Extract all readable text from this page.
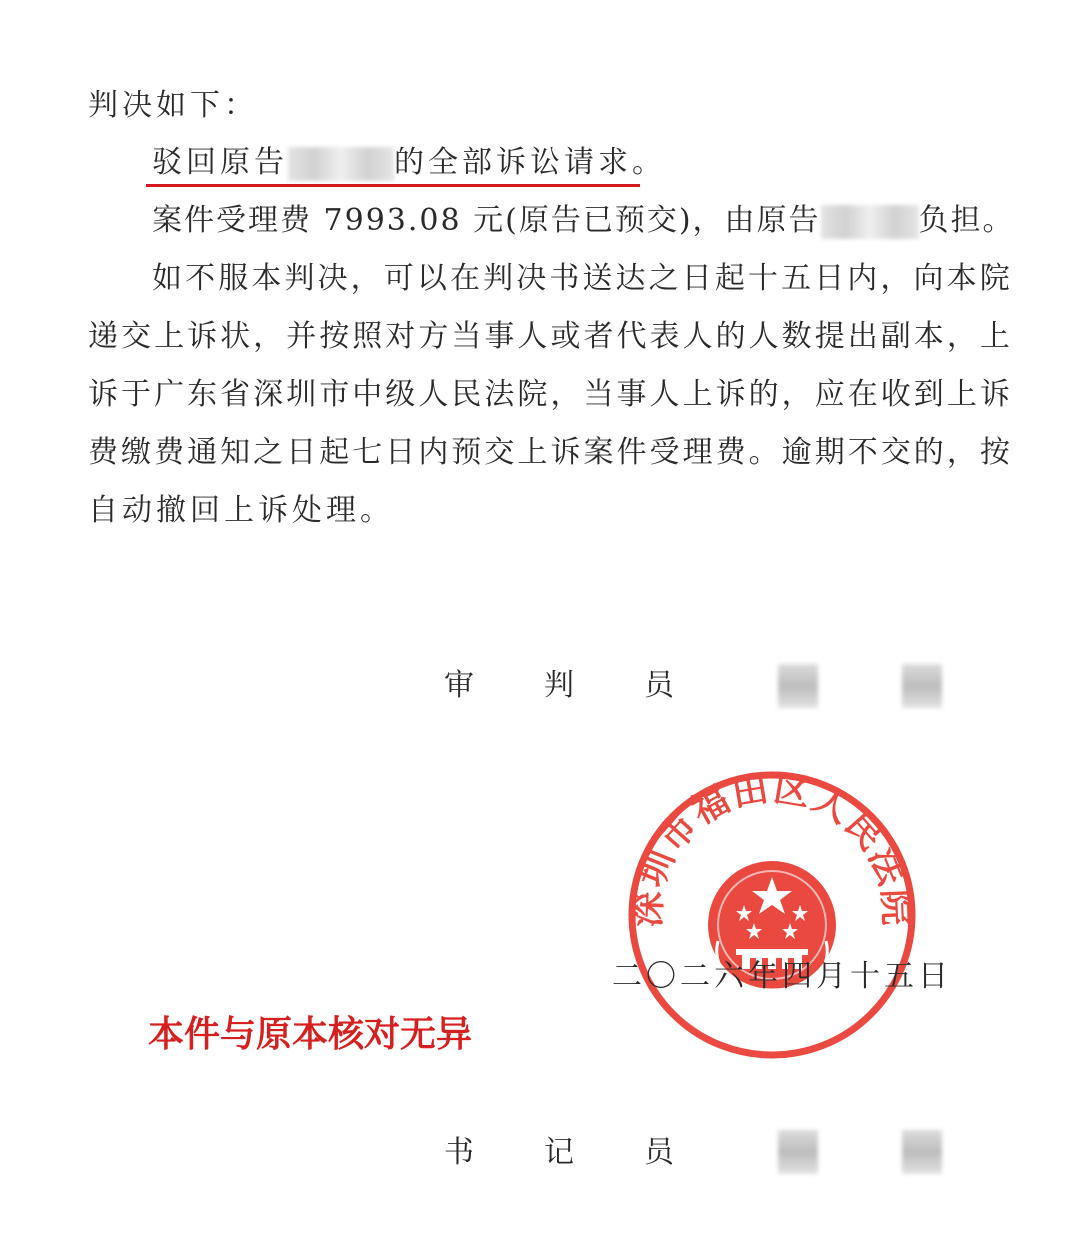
判决如下：
驳回原告	的全部诉讼请求。
案件受理费 7993.08 元(原告已预交)，由原告	负担。
如 不 服 本 判 决 ， 可 以 在 判 决 书 送 达 之 日 起 十 五 日 内 ， 向 本 院
递 交 上 诉 状 ， 并 按 照 对 方 当 事 人 或 者 代 表 人 的 人 数 提 出 副 本 ， 上
诉 于 广 东 省 深 圳 市 中 级 人 民 法 院 ， 当 事 人 上 诉 的 ， 应 在 收 到 上 诉
费 缴 费 通 知 之 日 起 七 日 内 预 交 上 诉 案 件 受 理 费 。 逾 期 不 交 的 ， 按
自动撤回上诉处理。
审 判 员
深圳市福田区人民法院
二〇二六年四月十五日
本件与原本核对无异
书 记 员
